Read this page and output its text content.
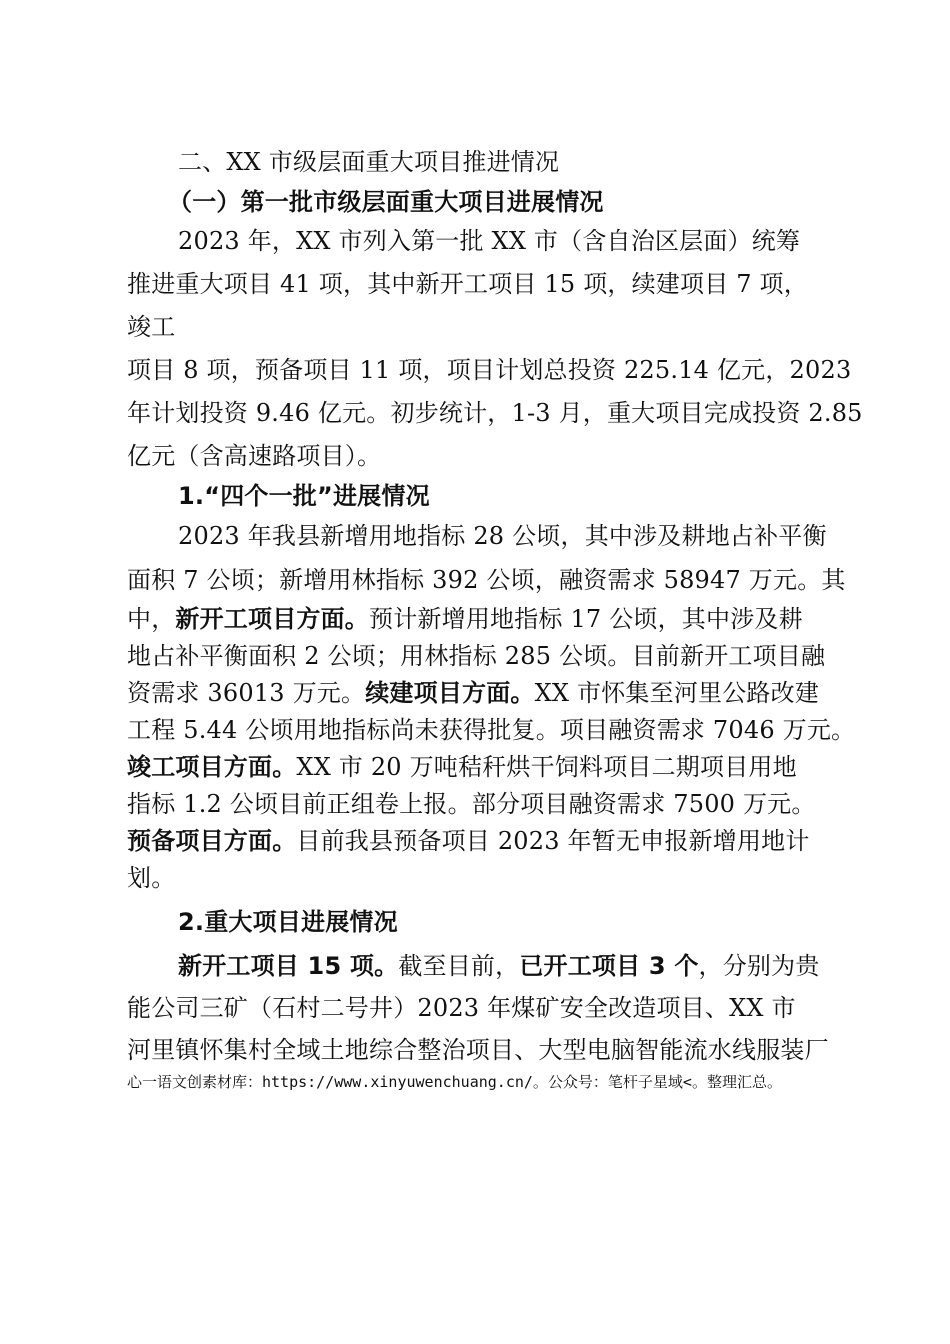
二、XX 市级层面重大项目推进情况
（一）第一批市级层面重大项目进展情况
2023 年，XX 市列入第一批 XX 市（含自治区层面）统筹
推进重大项目 41 项，其中新开工项目 15 项，续建项目 7 项，
竣工
项目 8 项，预备项目 11 项，项目计划总投资 225.14 亿元，2023
年计划投资 9.46 亿元。初步统计，1-3 月，重大项目完成投资 2.85
亿元（含高速路项目）。
1.“四个一批”进展情况
2023 年我县新增用地指标 28 公顷，其中涉及耕地占补平衡
面积 7 公顷；新增用林指标 392 公顷，融资需求 58947 万元。其
中，新开工项目方面。预计新增用地指标 17 公顷，其中涉及耕
地占补平衡面积 2 公顷；用林指标 285 公顷。目前新开工项目融
资需求 36013 万元。续建项目方面。XX 市怀集至河里公路改建
工程 5.44 公顷用地指标尚未获得批复。项目融资需求 7046 万元。
竣工项目方面。XX 市 20 万吨秸秆烘干饲料项目二期项目用地
指标 1.2 公顷目前正组卷上报。部分项目融资需求 7500 万元。
预备项目方面。目前我县预备项目 2023 年暂无申报新增用地计
划。
2.重大项目进展情况
新开工项目 15 项。截至目前，已开工项目 3 个，分别为贵
能公司三矿（石村二号井）2023 年煤矿安全改造项目、XX 市
河里镇怀集村全域土地综合整治项目、大型电脑智能流水线服装厂
心一语文创素材库：https://www.xinyuwenchuang.cn/。公众号：笔杆子星域<。整理汇总。
